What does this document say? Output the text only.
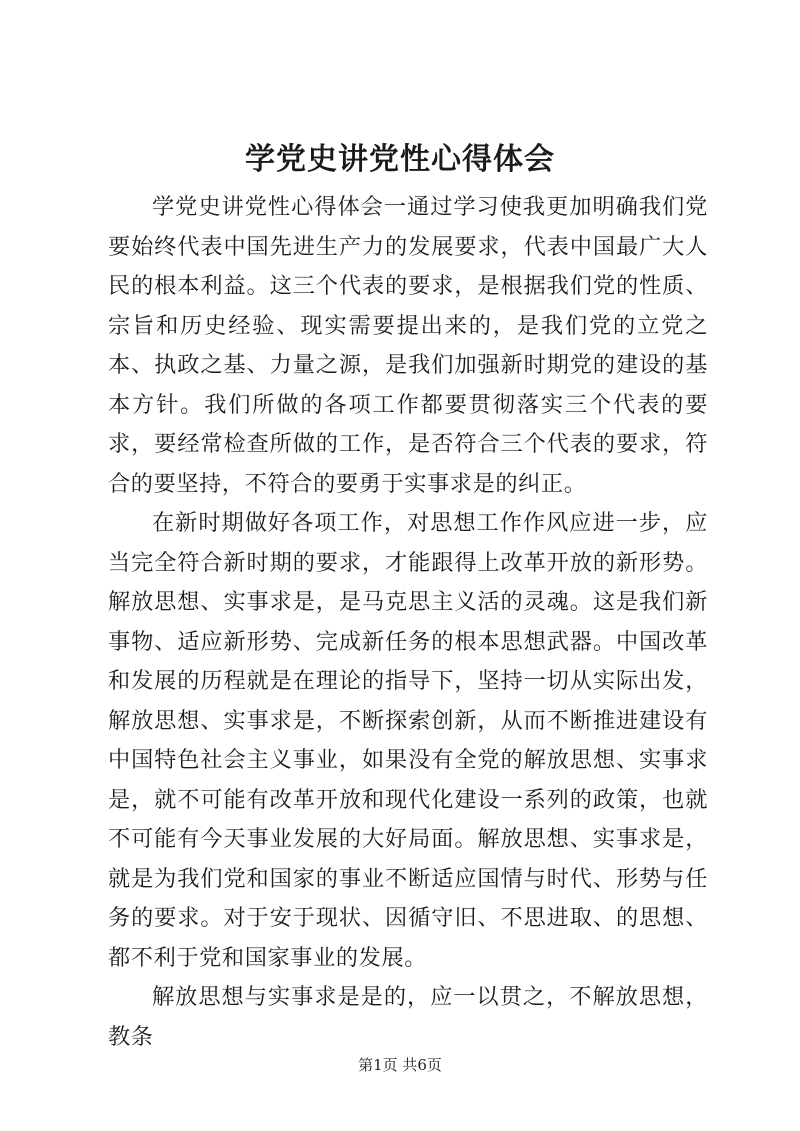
学党史讲党性心得体会

学党史讲党性心得体会一通过学习使我更加明确我们党要始终代表中国先进生产力的发展要求，代表中国最广大人民的根本利益。这三个代表的要求，是根据我们党的性质、宗旨和历史经验、现实需要提出来的，是我们党的立党之本、执政之基、力量之源，是我们加强新时期党的建设的基本方针。我们所做的各项工作都要贯彻落实三个代表的要求，要经常检查所做的工作，是否符合三个代表的要求，符合的要坚持，不符合的要勇于实事求是的纠正。

在新时期做好各项工作，对思想工作作风应进一步，应当完全符合新时期的要求，才能跟得上改革开放的新形势。解放思想、实事求是，是马克思主义活的灵魂。这是我们新事物、适应新形势、完成新任务的根本思想武器。中国改革和发展的历程就是在理论的指导下，坚持一切从实际出发，解放思想、实事求是，不断探索创新，从而不断推进建设有中国特色社会主义事业，如果没有全党的解放思想、实事求是，就不可能有改革开放和现代化建设一系列的政策，也就不可能有今天事业发展的大好局面。解放思想、实事求是，就是为我们党和国家的事业不断适应国情与时代、形势与任务的要求。对于安于现状、因循守旧、不思进取、的思想、都不利于党和国家事业的发展。

解放思想与实事求是是的，应一以贯之，不解放思想，教条

第1页 共6页
